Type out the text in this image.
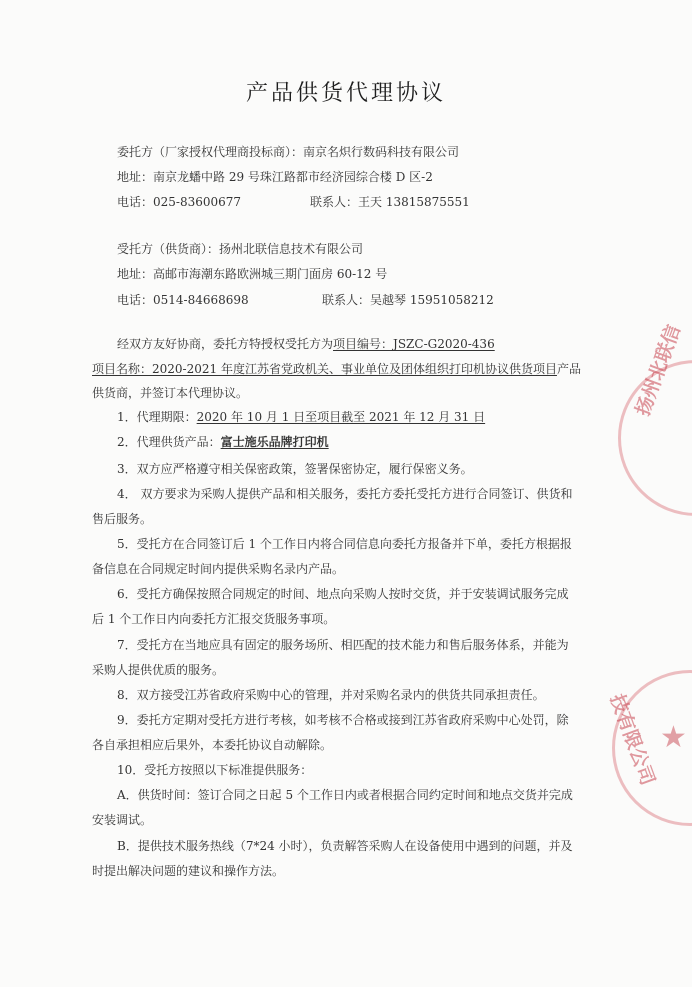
产品供货代理协议
委托方（厂家授权代理商投标商）：南京名炽行数码科技有限公司
地址：南京龙蟠中路 29 号珠江路都市经济园综合楼 D 区-2
电话：025-83600677	联系人：王天 13815875551
受托方（供货商）：扬州北联信息技术有限公司
地址：高邮市海潮东路欧洲城三期门面房 60-12 号
电话：0514-84668698	联系人：吴越琴 15951058212
经双方友好协商，委托方特授权受托方为项目编号：JSZC-G2020-436
项目名称：2020-2021 年度江苏省党政机关、事业单位及团体组织打印机协议供货项目产品
供货商，并签订本代理协议。
1．代理期限：2020 年 10 月 1 日至项目截至 2021 年 12 月 31 日
2．代理供货产品：富士施乐品牌打印机
3．双方应严格遵守相关保密政策，签署保密协定，履行保密义务。
4． 双方要求为采购人提供产品和相关服务，委托方委托受托方进行合同签订、供货和
售后服务。
5．受托方在合同签订后 1 个工作日内将合同信息向委托方报备并下单，委托方根据报
备信息在合同规定时间内提供采购名录内产品。
6．受托方确保按照合同规定的时间、地点向采购人按时交货，并于安装调试服务完成
后 1 个工作日内向委托方汇报交货服务事项。
7．受托方在当地应具有固定的服务场所、相匹配的技术能力和售后服务体系，并能为
采购人提供优质的服务。
8．双方接受江苏省政府采购中心的管理，并对采购名录内的供货共同承担责任。
9．委托方定期对受托方进行考核，如考核不合格或接到江苏省政府采购中心处罚，除
各自承担相应后果外，本委托协议自动解除。
10．受托方按照以下标准提供服务：
A．供货时间：签订合同之日起 5 个工作日内或者根据合同约定时间和地点交货并完成
安装调试。
B．提供技术服务热线（7*24 小时），负责解答采购人在设备使用中遇到的问题，并及
时提出解决问题的建议和操作方法。
扬州北联信
技有限公司 ★
